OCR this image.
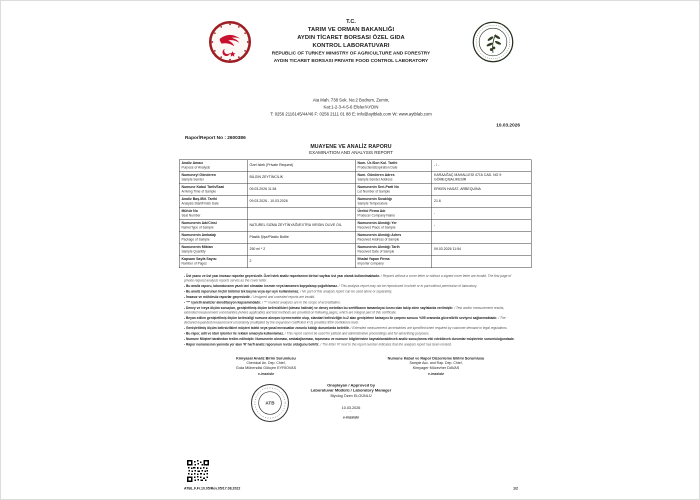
T.C.
TARIM VE ORMAN BAKANLIĞI
AYDIN TİCARET BORSASI ÖZEL GIDA
KONTROL LABORATUVARI
REPUBLIC OF TURKEY MINISTRY OF AGRICULTURE AND FORESTRY
AYDIN TICARET BORSASI PRIVATE FOOD CONTROL LABORATORY
Ata Mah. 738 Sok. No:2 Bodrum, Zemin,
Kat:1-2-3-4-5-6 Efeler/AYDIN
T: 0256 2116145/44/46 F: 0256 2111 01 88 E: info@aytblab.com W: www.aytblab.com
10.03.2026
Rapor/Report No : 2600386
MUAYENE VE ANALİZ RAPORU
EXAMINATION AND ANALYSIS REPORT
Analiz Amacı
Purpose of Analysis
	Özel İstek (Private Request)	
Num. Ür./Son Kul. Tarihi
Production&Expiration Date
	- / -

Numuneyi Gönderen
Sample Sender
	BİLGİN ZEYTİNCİLİK	
Num. Gönderen Adres
Sample Sender Address
	KARAAĞAÇ MAHALLESİ 4716 CAD. NO 9 GÖMEÇ/BALIKESİR

Numune Kabul Tarih/Saat
Arriving Time of Sample
	09.03.2026 11:54	
Numunenin Seri-Parti No
Lot Number of Sample
	ERKEN HASAT- ARBEQUİNA

Analiz Baş./Bit. Tarihi
Analysis Start/Finish Date
	09.03.2026 - 10.03.2026	
Numunenin Sıcaklığı
Sample Temperature
	21.6

Mühür No
Seal Number

Üretici Firma Adı
Producer Company Name
	-

Numunenin Adı/Cinsi
Name/Type of Sample
	NATUREL SIZMA ZEYTİNYAĞI/EXTRA VIRGIN OLIVE OIL	
Numunenin Alındığı Yer
Received Place of Sample
	-

Numunenin Ambalajı
Package of Sample
	Plastik Şişe/Plastic Bottle	
Numunenin Alındığı Adres
Received Address of Sample

Numunenin Miktarı
Sample Quantity
	250 ml * 2	
Numunenin Alındığı Tarih
Received Date of Sample
	09.03.2026 11:54

Kapsam Sayfa Sayısı
Number of Pages
	2	
İthalat Yapan Firma
Importer company

- Üst yazısı ve üst yazı imzasız raporlar geçersizdir. Özel istek analiz raporlarının birinci sayfası üst yazı olarak kullanılmaktadır. / Reports without a cover letter or without a signed cover letter are invalid. The first page of private request analysis reports serves as the cover letter.
- Bu analiz raporu, laboratuvarın yazılı izni olmadan kısmen veya tamamen kopyalanıp çoğaltılamaz. / This analysis report may not be reproduced in whole or in part without permission of laboratory.
- Bu analiz raporunun hiçbir bölümü tek başına veya ayrı ayrı kullanılamaz. / No part of this analysis report can be used alone or separately.
- İmzasız ve mühürsüz raporlar geçersizdir. / Unsigned and unsealed reports are invalid.
- "*" işaretli analizler akreditasyon kapsamındadır. / "*" marked analyzes are in the scope of accreditation.
- Deney ve /veya ölçüm sonuçları, genişletilmiş ölçüm belirsizlikleri (olması halinde) ve deney metotları bu sertifikanın tamamlayıcı kısmı olan takip eden sayfalarda verilmiştir. / Test and/or measurement results, extended measurement uncertainties (where applicable) and test methods are provided on following pages, which are integral part of this certificate.
- Beyan edilen genişletilmiş ölçüm belirsizliği numune alınışını içermemekte olup, standart belirsizliğin k=2 alan genişletme katsayısı ile çarpımı sonucu %95 oranında güvenilirlik seviyesi sağlanmaktadır. / The declared expanded measurement uncertainty (multiplied by the expansion coefficient k=2) provides 95% confidence level.
- Genişletilmiş ölçüm belirsizlikleri müşteri talebi veya yasal mevzuatlar zorunlu kıldığı durumlarda belirtilir. / Extended measurement uncertainties are specified when required by customer demand or legal regulations.
- Bu rapor, adli ve idari işlemler ile reklam amacıyla kullanılamaz. / This report cannot be used for judicial and administrative proceedings and for advertising purposes.
- Numune Müşteri tarafından teslim edilmiştir. Numunenin alınması, ambalajlanması, taşınması ve numune bilgilerinden kaynaklanabilecek analiz sonuçlarına etki edebilecek durumlar müşterinin sorumluluğundadır.
- Rapor numarasının yanında yer alan 'R' harfi analiz raporunun revize olduğunu belirtir. / The letter 'R' next to the report number indicates that the analysis report has been revised.
Kimyasal Analiz Birim Sorumlusu
Chemical An. Dep. Chief,
Gıda Mühendisi Gökçen EYRİOVAS
e-imzalıdır
Numune Kabul ve Rapor Düzenleme Birimi Sorumlusu
Sample Acc. and Rap. Dep. Chief,
Kimyager Mücevher DAVAS
e-imzalıdır
ATB
Onaylayan / Approved by
Laboratuvar Müdürü / Laboratory Manager
Biyolog Özen ELGÜNLÜ
10.03.2026
-
e-imzalıdır
ATBL.F.Fr.10.05/Rev.05/17.08.2022	1/2
